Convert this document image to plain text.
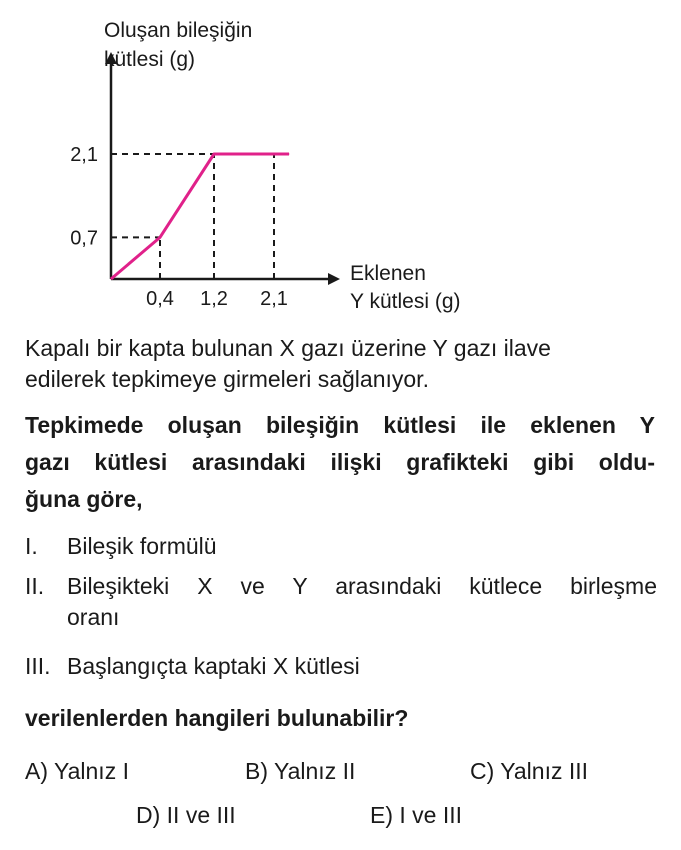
0,4 1,2 2,1
0,7
2,1
Oluşan bileşiğin
kütlesi (g)
Eklenen
Y kütlesi (g)
Kapalı bir kapta bulunan X gazı üzerine Y gazı ilave
edilerek tepkimeye girmeleri sağlanıyor.
Tepkimede oluşan bileşiğin kütlesi ile eklenen Y
gazı kütlesi arasındaki ilişki grafikteki gibi oldu-
ğuna göre,
I. Bileşik formülü
II. Bileşikteki X ve Y arasındaki kütlece birleşme
oranı
III. Başlangıçta kaptaki X kütlesi
verilenlerden hangileri bulunabilir?
A) Yalnız I	B) Yalnız II	C) Yalnız III
D) II ve III	E) I ve III
